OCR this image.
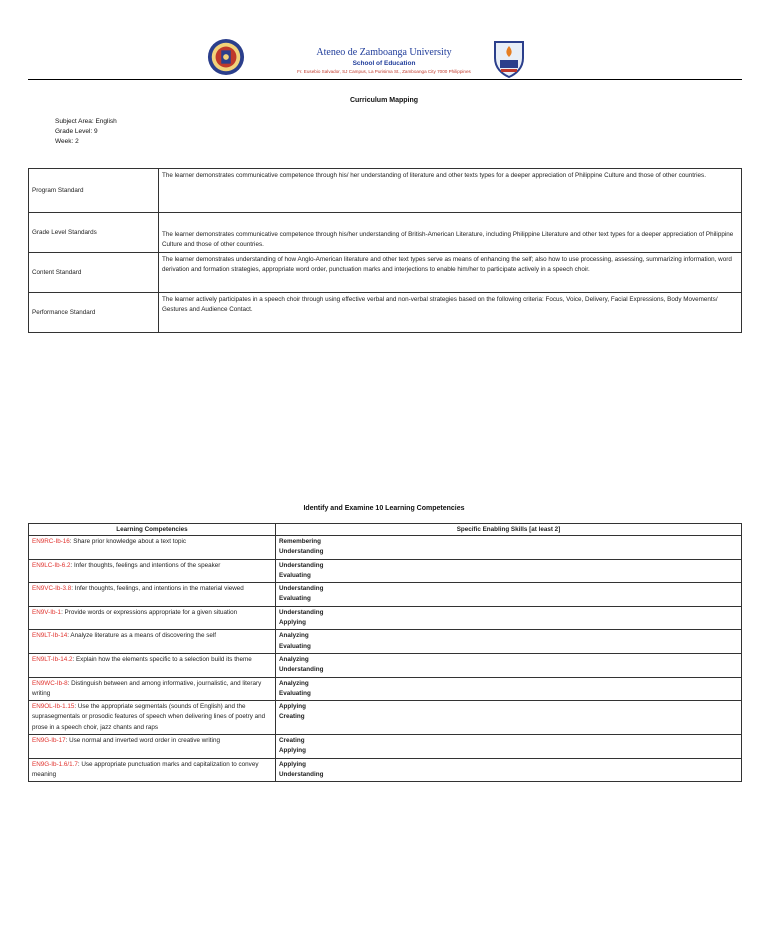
Ateneo de Zamboanga University
School of Education
Fr. Eusebio Salvador, SJ Campus, La Purisima St., Zamboanga City 7000 Philippines
Curriculum Mapping
Subject Area: English
Grade Level: 9
Week: 2
Program Standard	The learner demonstrates communicative competence through his/ her understanding of literature and other texts types for a deeper appreciation of Philippine Culture and those of other countries.
Grade Level Standards	The learner demonstrates communicative competence through his/her understanding of British-American Literature, including Philippine Literature and other text types for a deeper appreciation of Philippine Culture and those of other countries.
Content Standard	The learner demonstrates understanding of how Anglo-American literature and other text types serve as means of enhancing the self; also how to use processing, assessing, summarizing information, word derivation and formation strategies, appropriate word order, punctuation marks and interjections to enable him/her to participate actively in a speech choir.
Performance Standard	The learner actively participates in a speech choir through using effective verbal and non-verbal strategies based on the following criteria: Focus, Voice, Delivery, Facial Expressions, Body Movements/ Gestures and Audience Contact.
Identify and Examine 10 Learning Competencies
Learning Competencies	Specific Enabling Skills [at least 2]
EN9RC-Ib-16: Share prior knowledge about a text topic	Remembering
Understanding

EN9LC-Ib-6.2: Infer thoughts, feelings and intentions of the speaker	Understanding
Evaluating

EN9VC-Ib-3.8: Infer thoughts, feelings, and intentions in the material viewed	Understanding
Evaluating

EN9V-Ib-1: Provide words or expressions appropriate for a given situation	Understanding
Applying

EN9LT-Ib-14: Analyze literature as a means of discovering the self	Analyzing
Evaluating

EN9LT-Ib-14.2: Explain how the elements specific to a selection build its theme	Analyzing
Understanding

EN9WC-Ib-8: Distinguish between and among informative, journalistic, and literary writing	Analyzing
Evaluating

EN9OL-Ib-1.15: Use the appropriate segmentals (sounds of English) and the suprasegmentals or prosodic features of speech when delivering lines of poetry and prose in a speech choir, jazz chants and raps	Applying
Creating

EN9G-Ib-17: Use normal and inverted word order in creative writing	Creating
Applying

EN9G-Ib-1.6/1.7: Use appropriate punctuation marks and capitalization to convey meaning	Applying
Understanding
